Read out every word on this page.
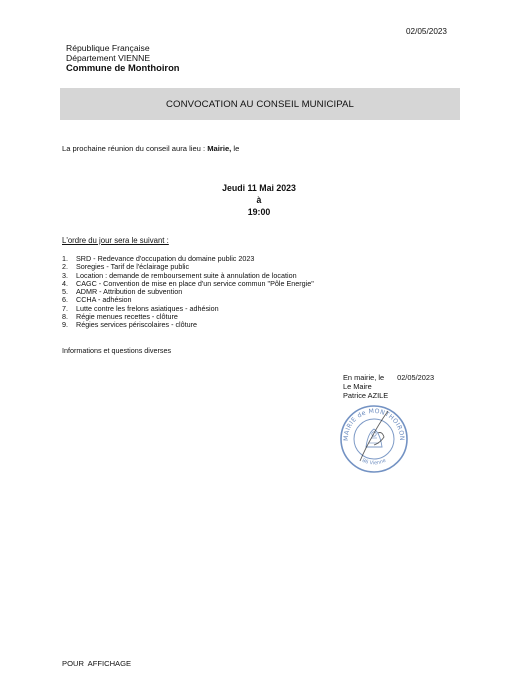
02/05/2023
République Française
Département VIENNE
Commune de Monthoiron
CONVOCATION AU CONSEIL MUNICIPAL
La prochaine réunion du conseil aura lieu : Mairie, le
Jeudi 11 Mai 2023
à
19:00
L'ordre du jour sera le suivant :
1.	SRD - Redevance d'occupation du domaine public 2023
2.	Soregies - Tarif de l'éclairage public
3.	Location : demande de remboursement suite à annulation de location
4.	CAGC - Convention de mise en place d'un service commun "Pôle Energie"
5.	ADMR - Attribution de subvention
6.	CCHA - adhésion
7.	Lutte contre les frelons asiatiques - adhésion
8.	Régie menues recettes - clôture
9.	Régies services périscolaires - clôture
Informations et questions diverses
En mairie, le 02/05/2023
Le Maire
Patrice AZILE
MAIRIE de MONTHOIRON
86 Vienne
POUR AFFICHAGE
